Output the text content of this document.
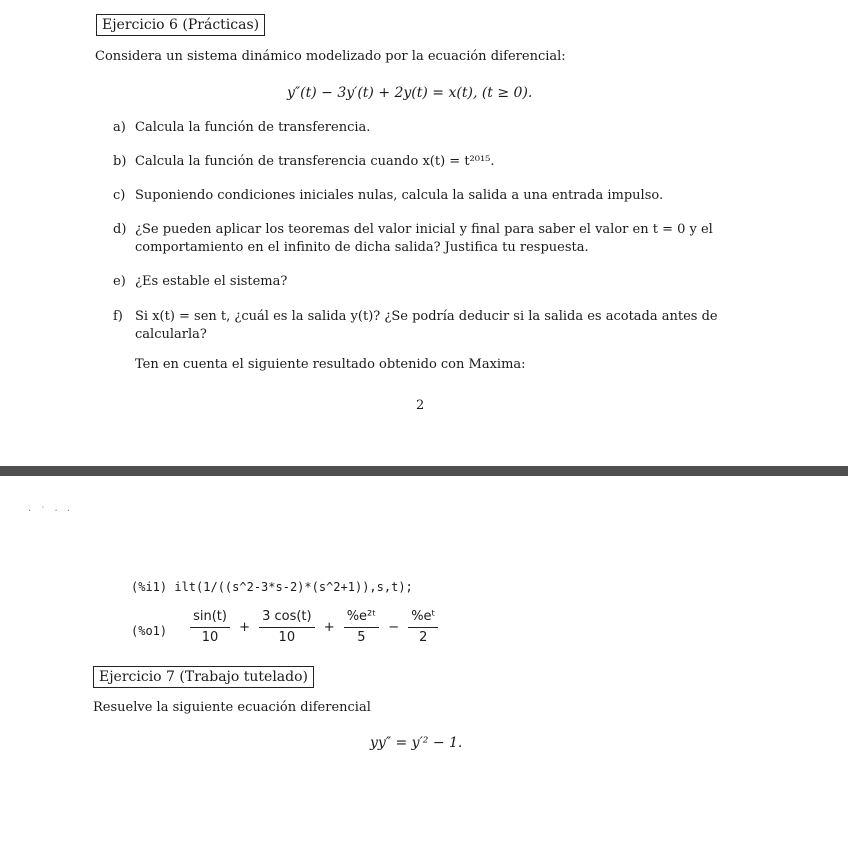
Ejercicio 6 (Prácticas)
Considera un sistema dinámico modelizado por la ecuación diferencial:
y″(t) − 3y′(t) + 2y(t) = x(t), (t ≥ 0).
a) Calcula la función de transferencia.
b) Calcula la función de transferencia cuando x(t) = t²⁰¹⁵.
c) Suponiendo condiciones iniciales nulas, calcula la salida a una entrada impulso.
d) ¿Se pueden aplicar los teoremas del valor inicial y final para saber el valor en t = 0 y el comportamiento en el infinito de dicha salida? Justifica tu respuesta.
e) ¿Es estable el sistema?
f) Si x(t) = sen t, ¿cuál es la salida y(t)? ¿Se podría deducir si la salida es acotada antes de calcularla?
Ten en cuenta el siguiente resultado obtenido con Maxima:
2
· ˙ · ·
(%i1) ilt(1/((s^2-3*s-2)*(s^2+1)),s,t);
(%o1)
$\frac{\sin(t)}{10} + \frac{3 \cos(t)}{10} + \frac{\text{\%e²ᵗ}}{5} - \frac{\text{\%eᵗ}}{2}$
Ejercicio 7 (Trabajo tutelado)
Resuelve la siguiente ecuación diferencial
yy″ = y′² − 1.
